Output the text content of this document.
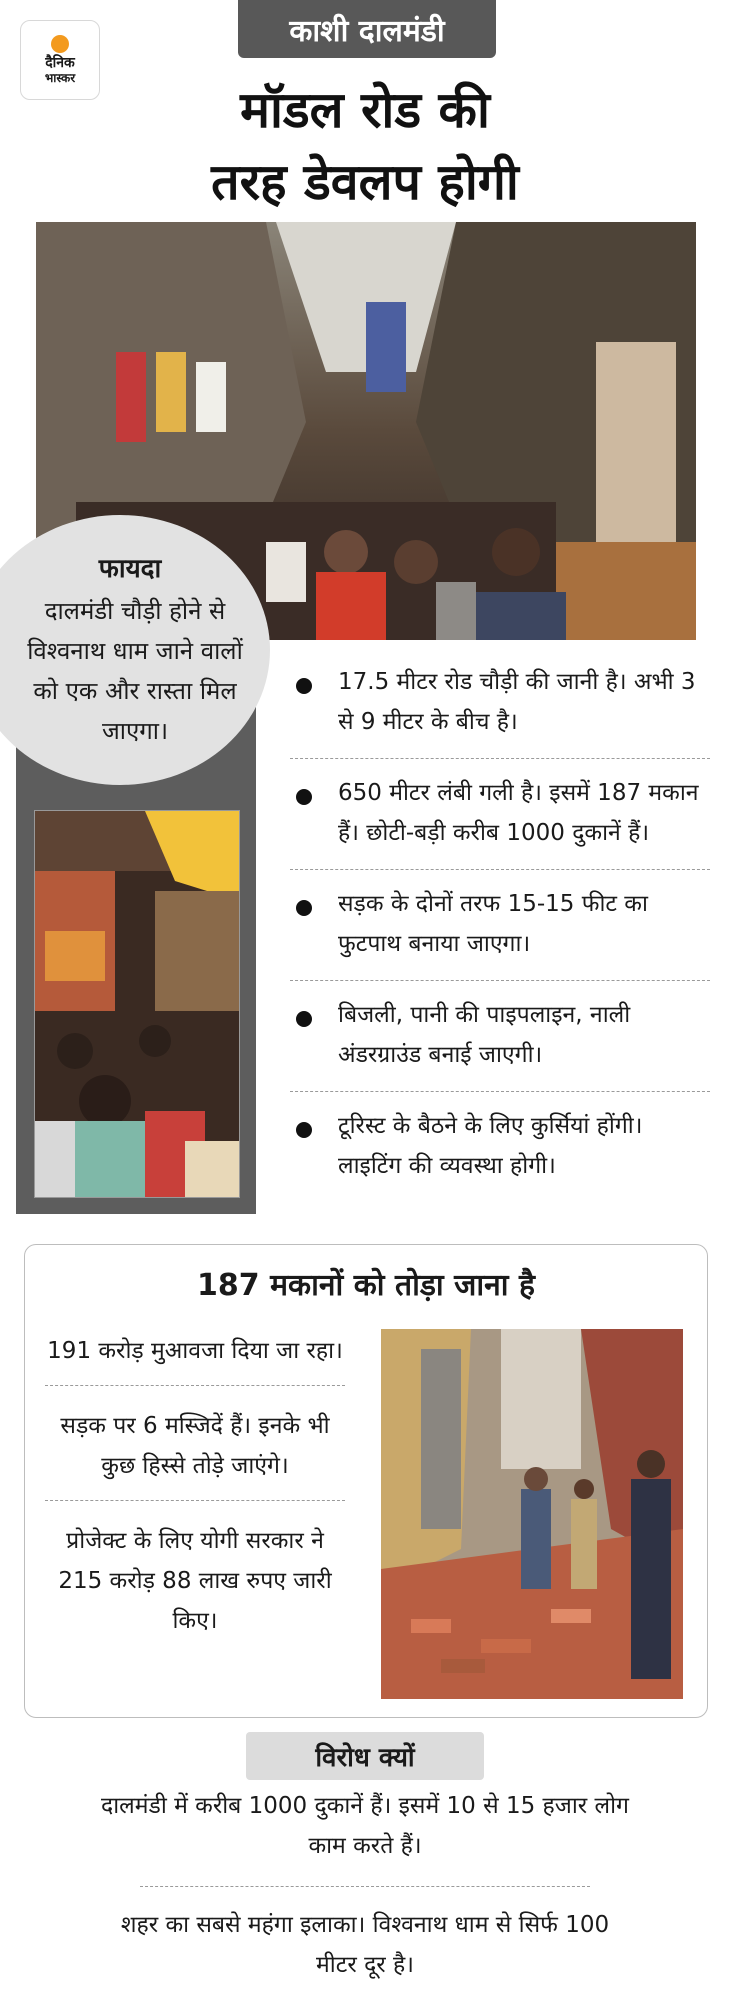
काशी दालमंडी
दैनिक
भास्कर
मॉडल रोड की
तरह डेवलप होगी
फायदा
दालमंडी चौड़ी होने से विश्वनाथ धाम जाने वालों को एक और रास्ता मिल जाएगा।
17.5 मीटर रोड चौड़ी की जानी है। अभी 3 से 9 मीटर के बीच है।
650 मीटर लंबी गली है। इसमें 187 मकान हैं। छोटी-बड़ी करीब 1000 दुकानें हैं।
सड़क के दोनों तरफ 15-15 फीट का फुटपाथ बनाया जाएगा।
बिजली, पानी की पाइपलाइन, नाली अंडरग्राउंड बनाई जाएगी।
टूरिस्ट के बैठने के लिए कुर्सियां होंगी। लाइटिंग की व्यवस्था होगी।
187 मकानों को तोड़ा जाना है
191 करोड़ मुआवजा दिया जा रहा।
सड़क पर 6 मस्जिदें हैं। इनके भी कुछ हिस्से तोड़े जाएंगे।
प्रोजेक्ट के लिए योगी सरकार ने 215 करोड़ 88 लाख रुपए जारी किए।
विरोध क्यों
दालमंडी में करीब 1000 दुकानें हैं। इसमें 10 से 15 हजार लोग काम करते हैं।
शहर का सबसे महंगा इलाका। विश्वनाथ धाम से सिर्फ 100 मीटर दूर है।
